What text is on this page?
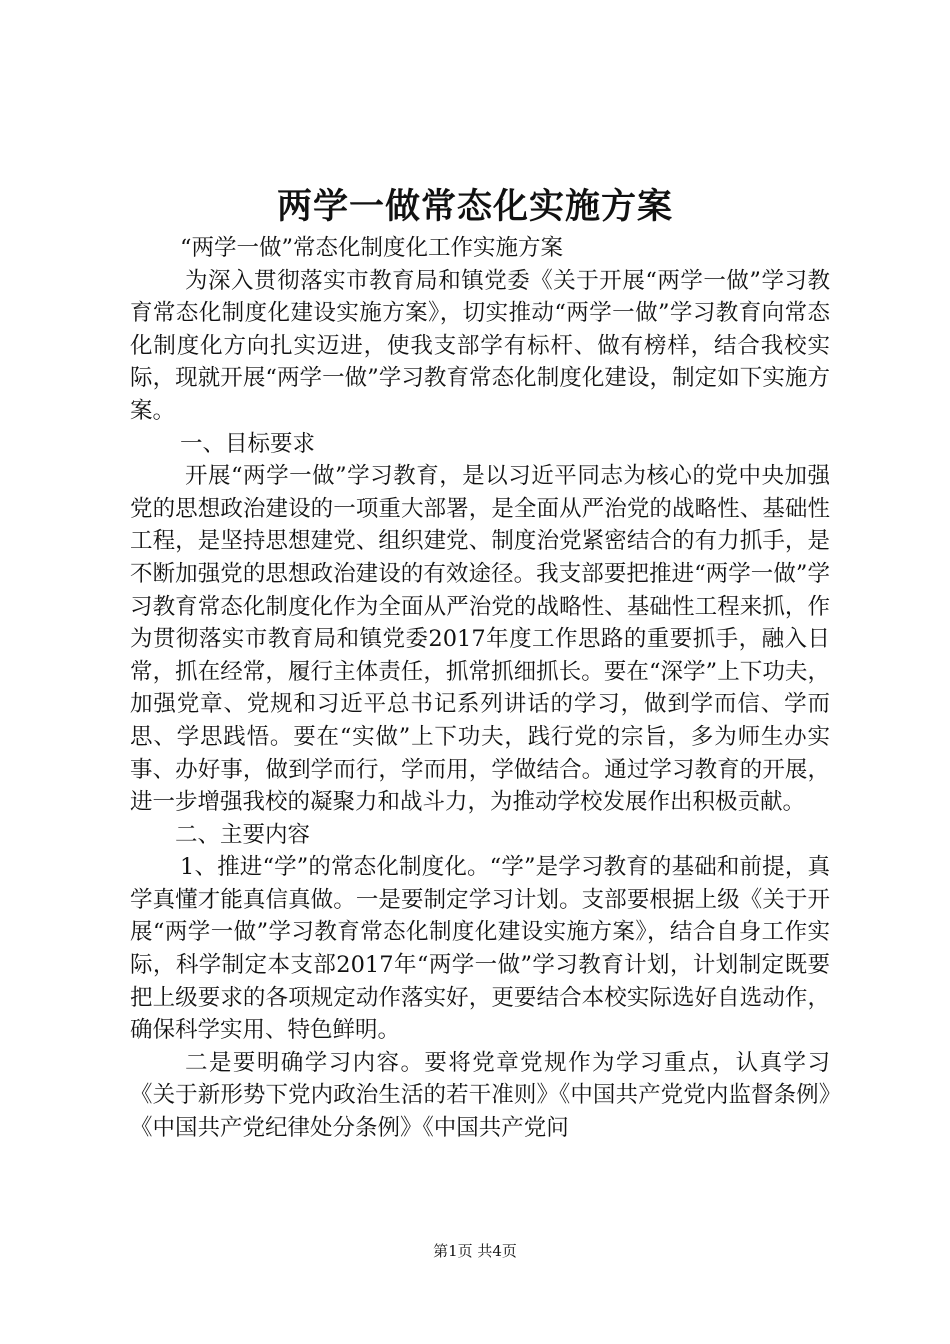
两学一做常态化实施方案

“两学一做”常态化制度化工作实施方案

为深入贯彻落实市教育局和镇党委《关于开展“两学一做”学习教育常态化制度化建设实施方案》，切实推动“两学一做”学习教育向常态化制度化方向扎实迈进，使我支部学有标杆、做有榜样，结合我校实际，现就开展“两学一做”学习教育常态化制度化建设，制定如下实施方案。

一、目标要求

开展“两学一做”学习教育，是以习近平同志为核心的党中央加强党的思想政治建设的一项重大部署，是全面从严治党的战略性、基础性工程，是坚持思想建党、组织建党、制度治党紧密结合的有力抓手，是不断加强党的思想政治建设的有效途径。我支部要把推进“两学一做”学习教育常态化制度化作为全面从严治党的战略性、基础性工程来抓，作为贯彻落实市教育局和镇党委2017年度工作思路的重要抓手，融入日常，抓在经常，履行主体责任，抓常抓细抓长。要在“深学”上下功夫，加强党章、党规和习近平总书记系列讲话的学习，做到学而信、学而思、学思践悟。要在“实做”上下功夫，践行党的宗旨，多为师生办实事、办好事，做到学而行，学而用，学做结合。通过学习教育的开展，进一步增强我校的凝聚力和战斗力，为推动学校发展作出积极贡献。

二、主要内容

1、推进“学”的常态化制度化。“学”是学习教育的基础和前提，真学真懂才能真信真做。一是要制定学习计划。支部要根据上级《关于开展“两学一做”学习教育常态化制度化建设实施方案》，结合自身工作实际，科学制定本支部2017年“两学一做”学习教育计划，计划制定既要把上级要求的各项规定动作落实好，更要结合本校实际选好自选动作，确保科学实用、特色鲜明。

二是要明确学习内容。要将党章党规作为学习重点，认真学习《关于新形势下党内政治生活的若干准则》《中国共产党党内监督条例》《中国共产党纪律处分条例》《中国共产党问

第1页 共4页
